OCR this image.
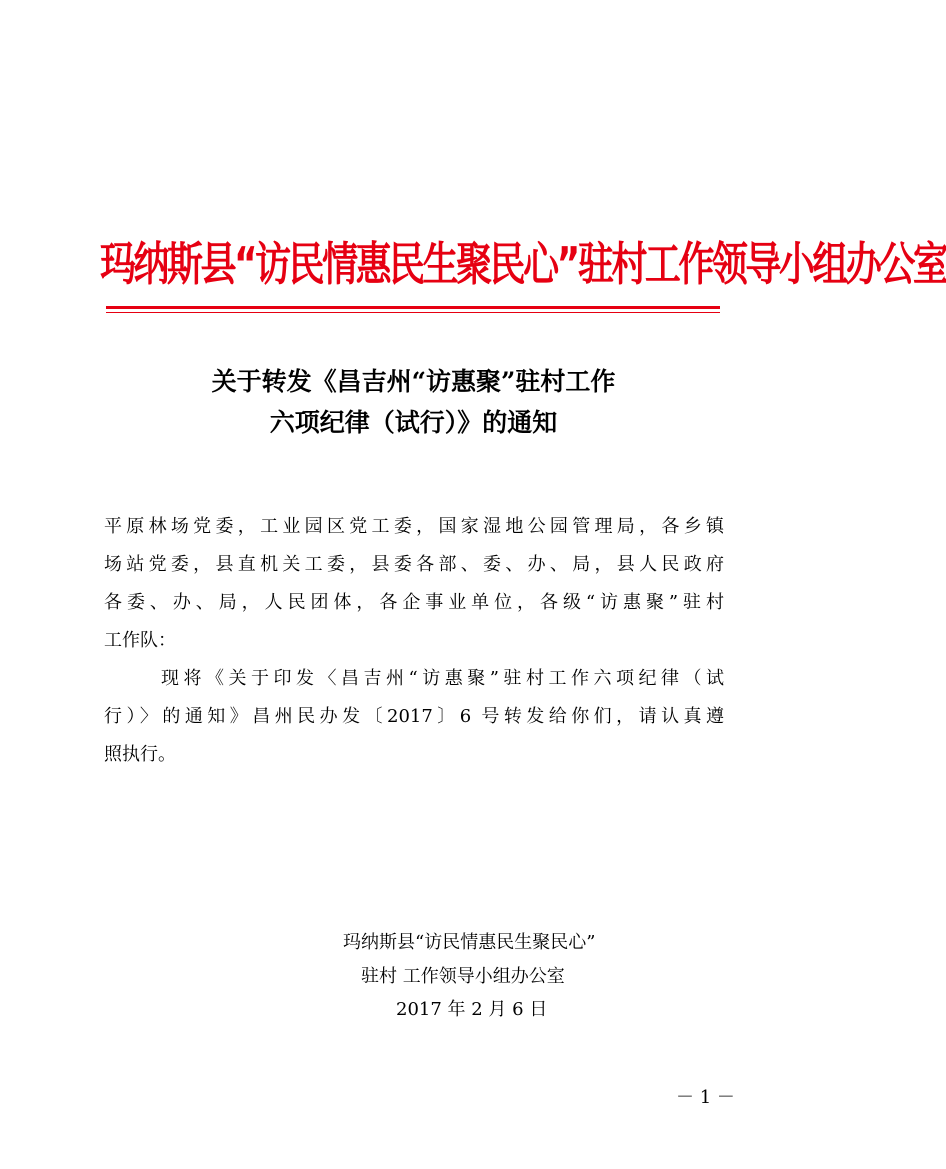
玛纳斯县“访民情惠民生聚民心”驻村工作领导小组办公室
关于转发《昌吉州“访惠聚”驻村工作
六项纪律（试行）》的通知
平原林场党委，工业园区党工委，国家湿地公园管理局，各乡镇
场站党委，县直机关工委，县委各部、委、办、局，县人民政府
各委、办、局，人民团体，各企事业单位，各级“访惠聚”驻村
工作队：
现将《关于印发〈昌吉州“访惠聚”驻村工作六项纪律（试
行）〉的通知》昌州民办发〔2017〕6 号转发给你们，请认真遵
照执行。
玛纳斯县“访民情惠民生聚民心”
驻村 工作领导小组办公室
2017 年 2 月 6 日
－ 1 －
